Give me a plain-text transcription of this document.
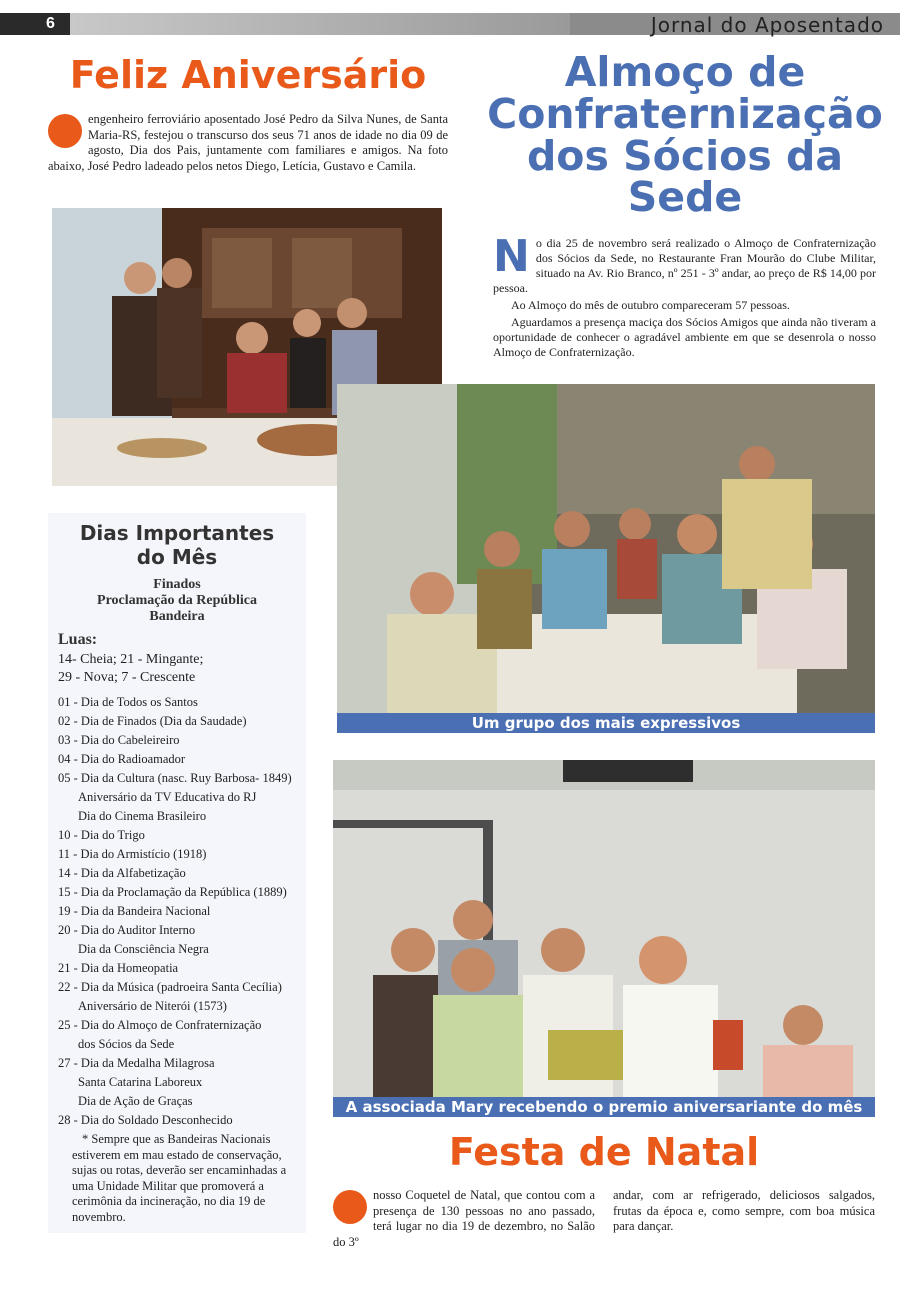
6	Jornal do Aposentado
Feliz Aniversário
engenheiro ferroviário aposentado José Pedro da Silva Nunes, de Santa Maria-RS, festejou o transcurso dos seus 71 anos de idade no dia 09 de agosto, Dia dos Pais, juntamente com familiares e amigos. Na foto abaixo, José Pedro ladeado pelos netos Diego, Letícia, Gustavo e Camila.
Almoço de
Confraternização
dos Sócios da
Sede

No dia 25 de novembro será realizado o Almoço de Confraternização dos Sócios da Sede, no Restaurante Fran Mourão do Clube Militar, situado na Av. Rio Branco, nº 251 - 3º andar, ao preço de R$ 14,00 por pessoa.

Ao Almoço do mês de outubro compareceram 57 pessoas.

Aguardamos a presença maciça dos Sócios Amigos que ainda não tiveram a oportunidade de conhecer o agradável ambiente em que se desenrola o nosso Almoço de Confraternização.

Um grupo dos mais expressivos
A associada Mary recebendo o premio aniversariante do mês
Dias Importantes
do Mês
Finados
Proclamação da República
Bandeira
Luas:
14- Cheia; 21 - Mingante;
29 - Nova; 7 - Crescente
01 - Dia de Todos os Santos
02 - Dia de Finados (Dia da Saudade)
03 - Dia do Cabeleireiro
04 - Dia do Radioamador
05 - Dia da Cultura (nasc. Ruy Barbosa- 1849)
Aniversário da TV Educativa do RJ
Dia do Cinema Brasileiro
10 - Dia do Trigo
11 - Dia do Armistício (1918)
14 - Dia da Alfabetização
15 - Dia da Proclamação da República (1889)
19 - Dia da Bandeira Nacional
20 - Dia do Auditor Interno
Dia da Consciência Negra
21 - Dia da Homeopatia
22 - Dia da Música (padroeira Santa Cecília)
Aniversário de Niterói (1573)
25 - Dia do Almoço de Confraternização
dos Sócios da Sede
27 - Dia da Medalha Milagrosa
Santa Catarina Laboreux
Dia de Ação de Graças
28 - Dia do Soldado Desconhecido
* Sempre que as Bandeiras Nacionais estiverem em mau estado de conservação, sujas ou rotas, deverão ser encaminhadas a uma Unidade Militar que promoverá a cerimônia da incineração, no dia 19 de novembro.
Festa de Natal
nosso Coquetel de Natal, que contou com a presença de 130 pessoas no ano passado, terá lugar no dia 19 de dezembro, no Salão do 3º
andar, com ar refrigerado, deliciosos salgados, frutas da época e, como sempre, com boa música para dançar.
